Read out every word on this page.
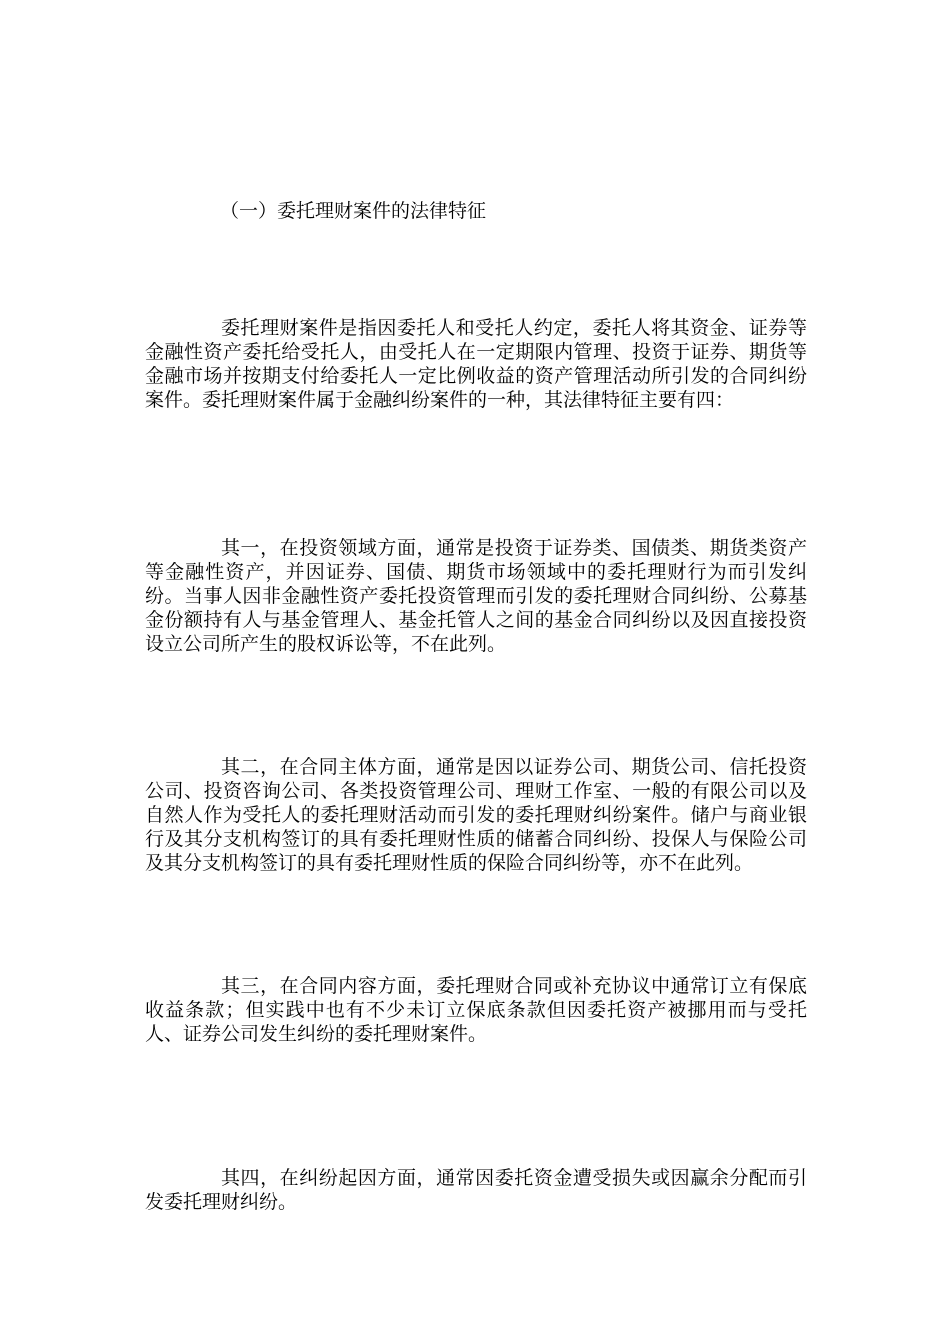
（一）委托理财案件的法律特征

委托理财案件是指因委托人和受托人约定，委托人将其资金、证券等金融性资产委托给受托人，由受托人在一定期限内管理、投资于证券、期货等金融市场并按期支付给委托人一定比例收益的资产管理活动所引发的合同纠纷案件。委托理财案件属于金融纠纷案件的一种，其法律特征主要有四：

其一，在投资领域方面，通常是投资于证券类、国债类、期货类资产等金融性资产，并因证券、国债、期货市场领域中的委托理财行为而引发纠纷。当事人因非金融性资产委托投资管理而引发的委托理财合同纠纷、公募基金份额持有人与基金管理人、基金托管人之间的基金合同纠纷以及因直接投资设立公司所产生的股权诉讼等，不在此列。

其二，在合同主体方面，通常是因以证券公司、期货公司、信托投资公司、投资咨询公司、各类投资管理公司、理财工作室、一般的有限公司以及自然人作为受托人的委托理财活动而引发的委托理财纠纷案件。储户与商业银行及其分支机构签订的具有委托理财性质的储蓄合同纠纷、投保人与保险公司及其分支机构签订的具有委托理财性质的保险合同纠纷等，亦不在此列。

其三，在合同内容方面，委托理财合同或补充协议中通常订立有保底收益条款；但实践中也有不少未订立保底条款但因委托资产被挪用而与受托人、证券公司发生纠纷的委托理财案件。

其四，在纠纷起因方面，通常因委托资金遭受损失或因赢余分配而引发委托理财纠纷。
